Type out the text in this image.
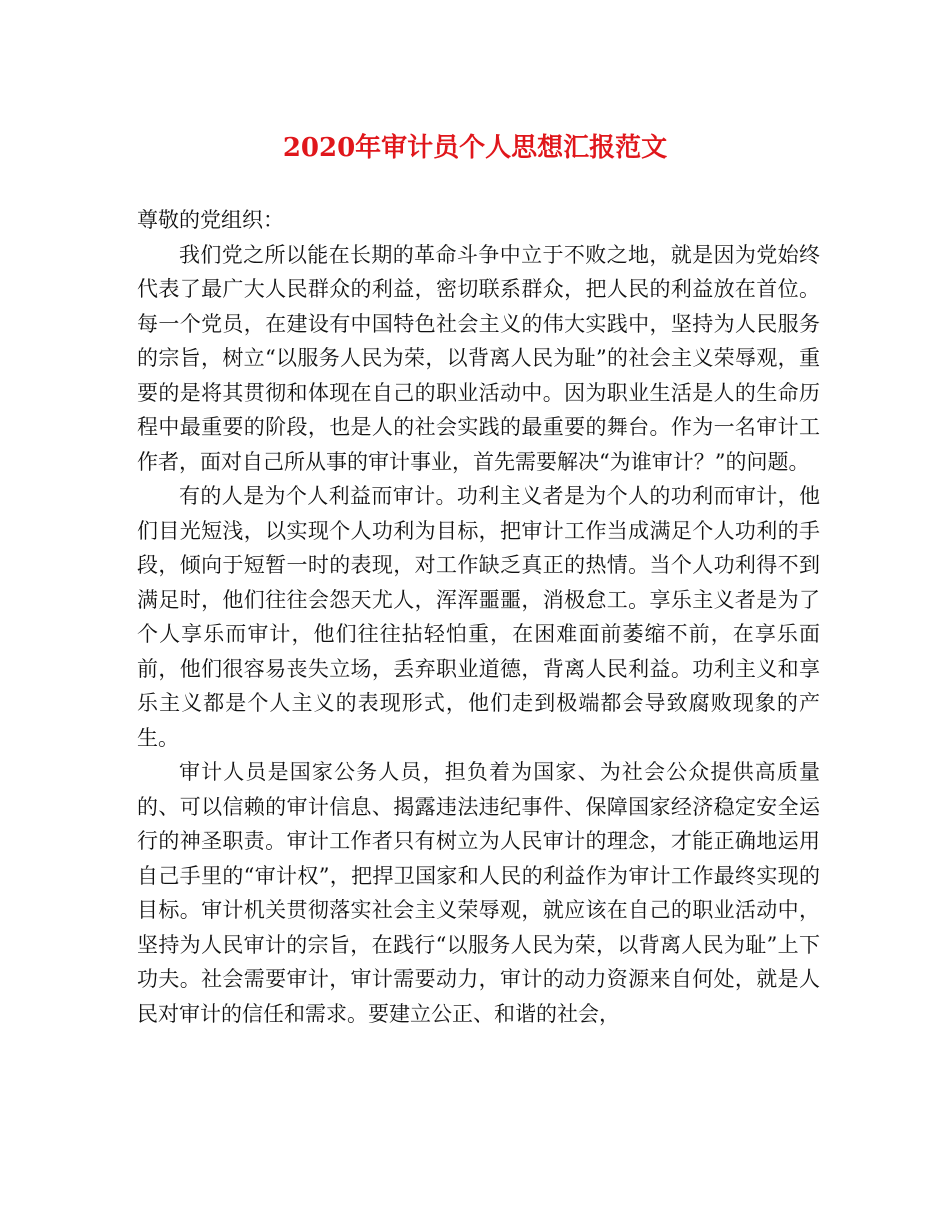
2020年审计员个人思想汇报范文

尊敬的党组织：

我们党之所以能在长期的革命斗争中立于不败之地，就是因为党始终代表了最广大人民群众的利益，密切联系群众，把人民的利益放在首位。每一个党员，在建设有中国特色社会主义的伟大实践中，坚持为人民服务的宗旨，树立“以服务人民为荣，以背离人民为耻”的社会主义荣辱观，重要的是将其贯彻和体现在自己的职业活动中。因为职业生活是人的生命历程中最重要的阶段，也是人的社会实践的最重要的舞台。作为一名审计工作者，面对自己所从事的审计事业，首先需要解决“为谁审计？”的问题。

有的人是为个人利益而审计。功利主义者是为个人的功利而审计，他们目光短浅，以实现个人功利为目标，把审计工作当成满足个人功利的手段，倾向于短暂一时的表现，对工作缺乏真正的热情。当个人功利得不到满足时，他们往往会怨天尤人，浑浑噩噩，消极怠工。享乐主义者是为了个人享乐而审计，他们往往拈轻怕重，在困难面前萎缩不前，在享乐面前，他们很容易丧失立场，丢弃职业道德，背离人民利益。功利主义和享乐主义都是个人主义的表现形式，他们走到极端都会导致腐败现象的产生。

审计人员是国家公务人员，担负着为国家、为社会公众提供高质量的、可以信赖的审计信息、揭露违法违纪事件、保障国家经济稳定安全运行的神圣职责。审计工作者只有树立为人民审计的理念，才能正确地运用自己手里的“审计权”，把捍卫国家和人民的利益作为审计工作最终实现的目标。审计机关贯彻落实社会主义荣辱观，就应该在自己的职业活动中，坚持为人民审计的宗旨，在践行“以服务人民为荣，以背离人民为耻”上下功夫。社会需要审计，审计需要动力，审计的动力资源来自何处，就是人民对审计的信任和需求。要建立公正、和谐的社会，
